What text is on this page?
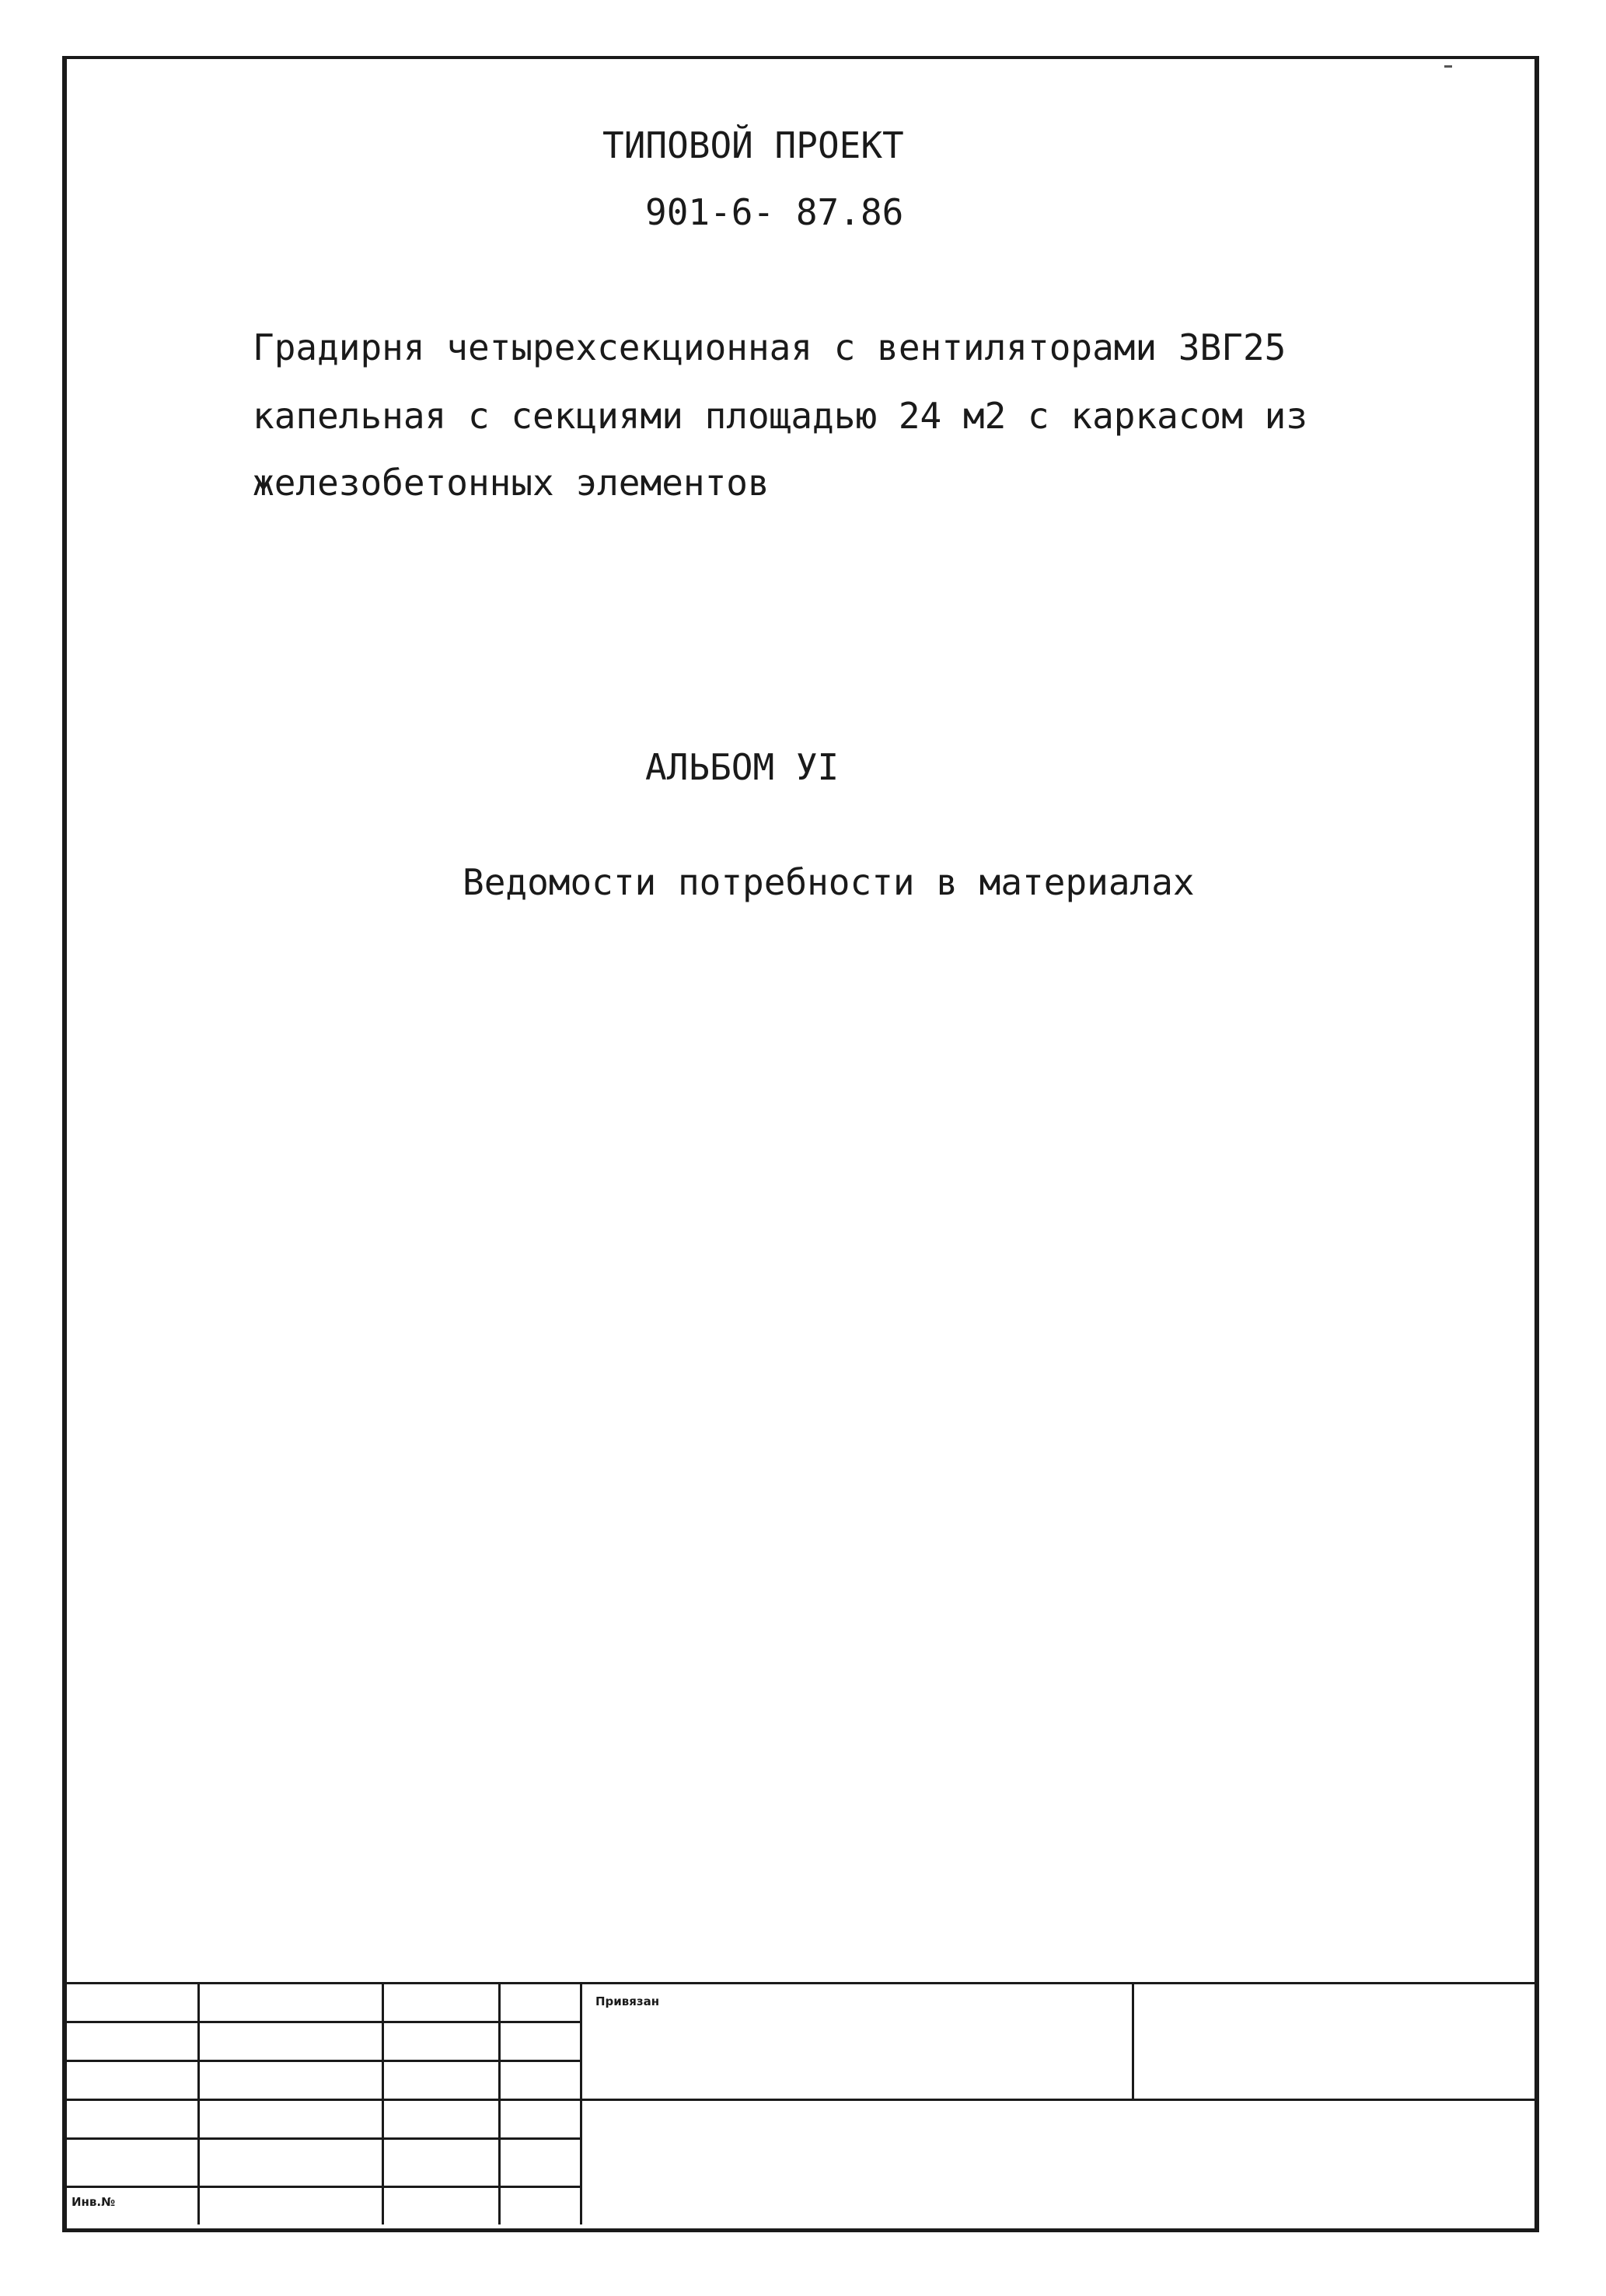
ТИПОВОЙ ПРОЕКТ
901-6- 87.86
Градирня четырехсекционная с вентиляторами 3ВГ25
капельная с секциями площадью 24 м2 с каркасом из
железобетонных элементов
АЛЬБОМ УI
Ведомости потребности в материалах
Привязан
Инв.№
